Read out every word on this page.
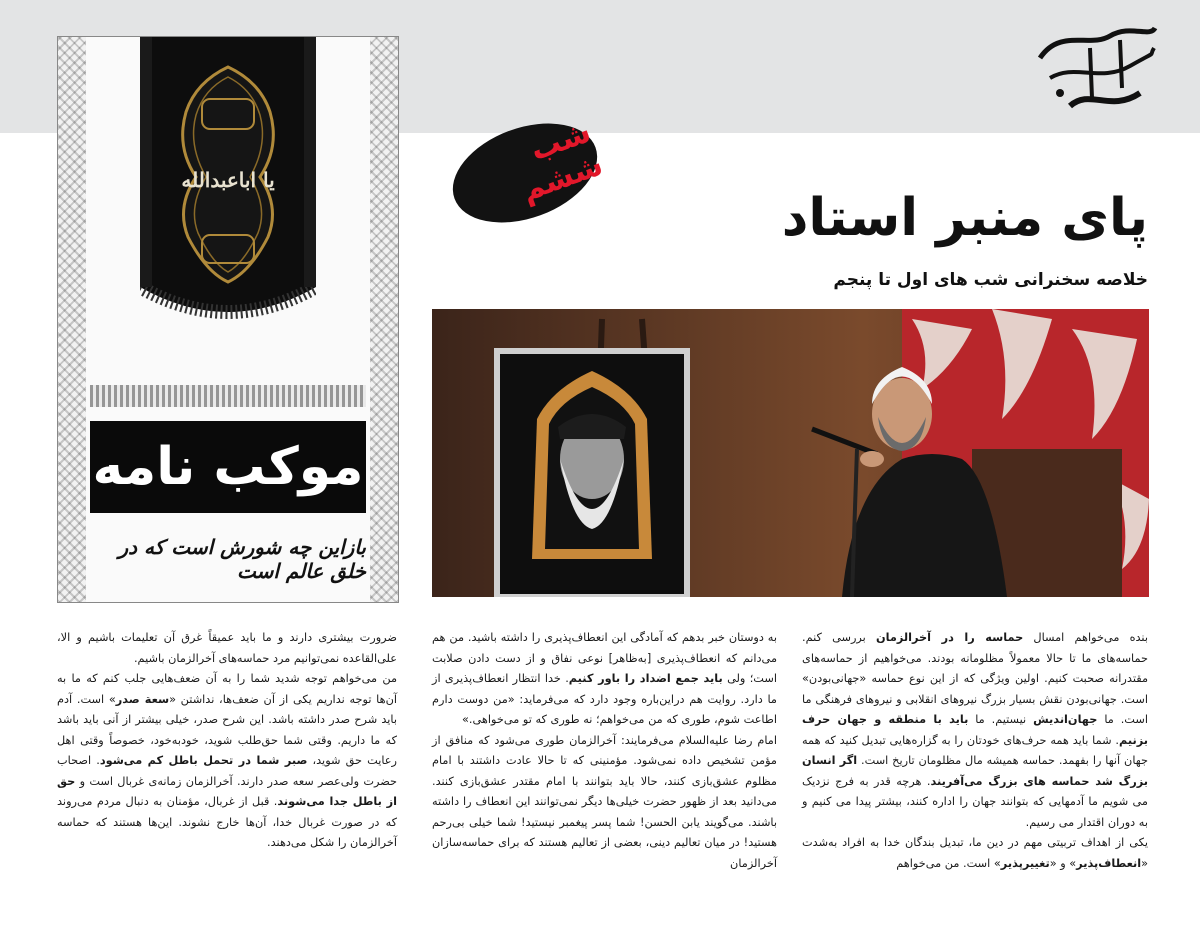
یا اباعبدالله
موکب نامه
بازاین چه شورش است که در خلق عالم است
شب ششم
پای منبر استاد
خلاصه سخنرانی شب های اول تا پنجم

بنده می‌خواهم امسال حماسه را در آخرالزمان بررسی کنم. حماسه‌های ما تا حالا معمولاً مظلومانه بودند. می‌خواهیم از حماسه‌های مقتدرانه صحبت کنیم. اولین ویژگی که از این نوع حماسه «جهانی‌بودن» است. جهانی‌بودن نقش بسیار بزرگ نیروهای انقلابی و نیروهای فرهنگی ما است. ما جهان‌اندیش نیستیم. ما باید با منطقه و جهان حرف بزنیم. شما باید همه حرف‌های خودتان را به گزاره‌هایی تبدیل کنید که همه جهان آنها را بفهمد. حماسه همیشه مال مظلومان تاریخ است. اگر انسان بزرگ شد حماسه های بزرگ می‌آفریند. هرچه قدر به فرج نزدیک می شویم ما آدمهایی که بتوانند جهان را اداره کنند، بیشتر پیدا می کنیم و به دوران اقتدار می رسیم.

یکی از اهداف تربیتی مهم در دین ما، تبدیل بندگان خدا به افراد به‌شدت «انعطاف‌پذیر» و «تغییرپذیر» است. من می‌خواهم

به دوستان خبر بدهم که آمادگی این انعطاف‌پذیری را داشته باشید. من هم می‌دانم که انعطاف‌پذیری [به‌ظاهر] نوعی نفاق و از دست دادن صلابت است؛ ولی باید جمع اضداد را باور کنیم. خدا انتظار انعطاف‌پذیری از ما دارد. روایت هم دراین‌باره وجود دارد که می‌فرماید: «من دوست دارم اطاعت شوم، طوری که من می‌خواهم؛ نه طوری که تو می‌خواهی.»

امام رضا علیه‌السلام می‌فرمایند: آخرالزمان طوری می‌شود که منافق از مؤمن تشخیص داده نمی‌شود. مؤمنینی که تا حالا عادت داشتند با امام مظلوم عشق‌بازی کنند، حالا باید بتوانند با امام مقتدر عشق‌بازی کنند. می‌دانید بعد از ظهور حضرت خیلی‌ها دیگر نمی‌توانند این انعطاف را داشته باشند. می‌گویند یابن الحسن! شما پسر پیغمبر نیستید! شما خیلی بی‌رحم هستید! در میان تعالیم دینی، بعضی از تعالیم هستند که برای حماسه‌سازان آخرالزمان

ضرورت بیشتری دارند و ما باید عمیقاً غرق آن تعلیمات باشیم و الا، علی‌القاعده نمی‌توانیم مرد حماسه‌های آخرالزمان باشیم.

من می‌خواهم توجه شدید شما را به آن ضعف‌هایی جلب کنم که ما به آن‌ها توجه نداریم یکی از آن ضعف‌ها، نداشتن «سعة صدر» است. آدم باید شرح صدر داشته باشد. این شرح صدر، خیلی بیشتر از آنی باید باشد که ما داریم. وقتی شما حق‌طلب شوید، خودبه‌خود، خصوصاً وقتی اهل رعایت حق شوید، صبر شما در تحمل باطل کم می‌شود. اصحاب حضرت ولی‌عصر سعه صدر دارند. آخرالزمان زمانه‌ی غربال است و حق از باطل جدا می‌شوند. قبل از غربال، مؤمنان به دنبال مردم می‌روند که در صورت غربال خدا، آن‌ها خارج نشوند. این‌ها هستند که حماسه آخرالزمان را شکل می‌دهند.
